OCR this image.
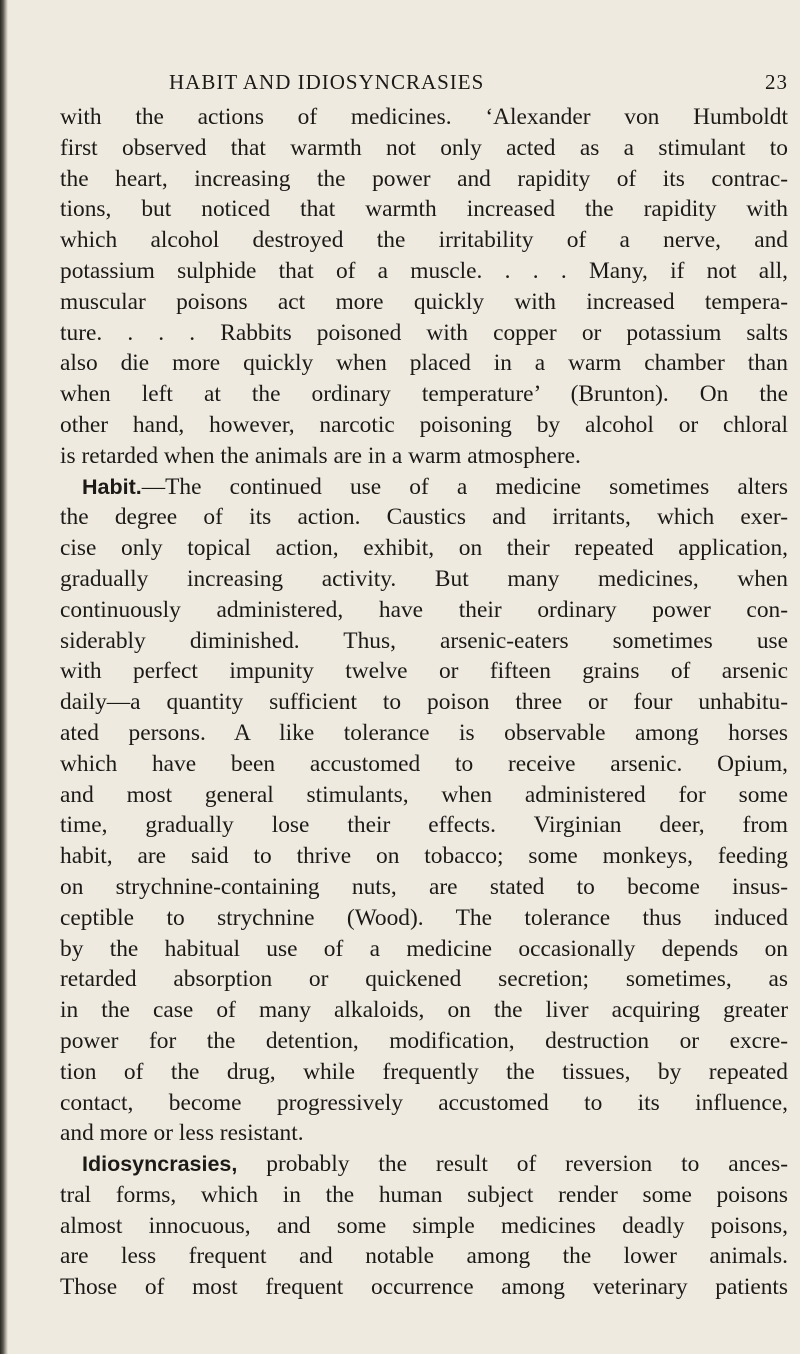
HABIT AND IDIOSYNCRASIES	23

with the actions of medicines. ‘Alexander von Humboldt
first observed that warmth not only acted as a stimulant to
the heart, increasing the power and rapidity of its contrac-
tions, but noticed that warmth increased the rapidity with
which alcohol destroyed the irritability of a nerve, and
potassium sulphide that of a muscle. . . . Many, if not all,
muscular poisons act more quickly with increased tempera-
ture. . . . Rabbits poisoned with copper or potassium salts
also die more quickly when placed in a warm chamber than
when left at the ordinary temperature’ (Brunton). On the
other hand, however, narcotic poisoning by alcohol or chloral
is retarded when the animals are in a warm atmosphere.

Habit.—The continued use of a medicine sometimes alters
the degree of its action. Caustics and irritants, which exer-
cise only topical action, exhibit, on their repeated application,
gradually increasing activity. But many medicines, when
continuously administered, have their ordinary power con-
siderably diminished. Thus, arsenic-eaters sometimes use
with perfect impunity twelve or fifteen grains of arsenic
daily—a quantity sufficient to poison three or four unhabitu-
ated persons. A like tolerance is observable among horses
which have been accustomed to receive arsenic. Opium,
and most general stimulants, when administered for some
time, gradually lose their effects. Virginian deer, from
habit, are said to thrive on tobacco; some monkeys, feeding
on strychnine-containing nuts, are stated to become insus-
ceptible to strychnine (Wood). The tolerance thus induced
by the habitual use of a medicine occasionally depends on
retarded absorption or quickened secretion; sometimes, as
in the case of many alkaloids, on the liver acquiring greater
power for the detention, modification, destruction or excre-
tion of the drug, while frequently the tissues, by repeated
contact, become progressively accustomed to its influence,
and more or less resistant.

Idiosyncrasies, probably the result of reversion to ances-
tral forms, which in the human subject render some poisons
almost innocuous, and some simple medicines deadly poisons,
are less frequent and notable among the lower animals.
Those of most frequent occurrence among veterinary patients
